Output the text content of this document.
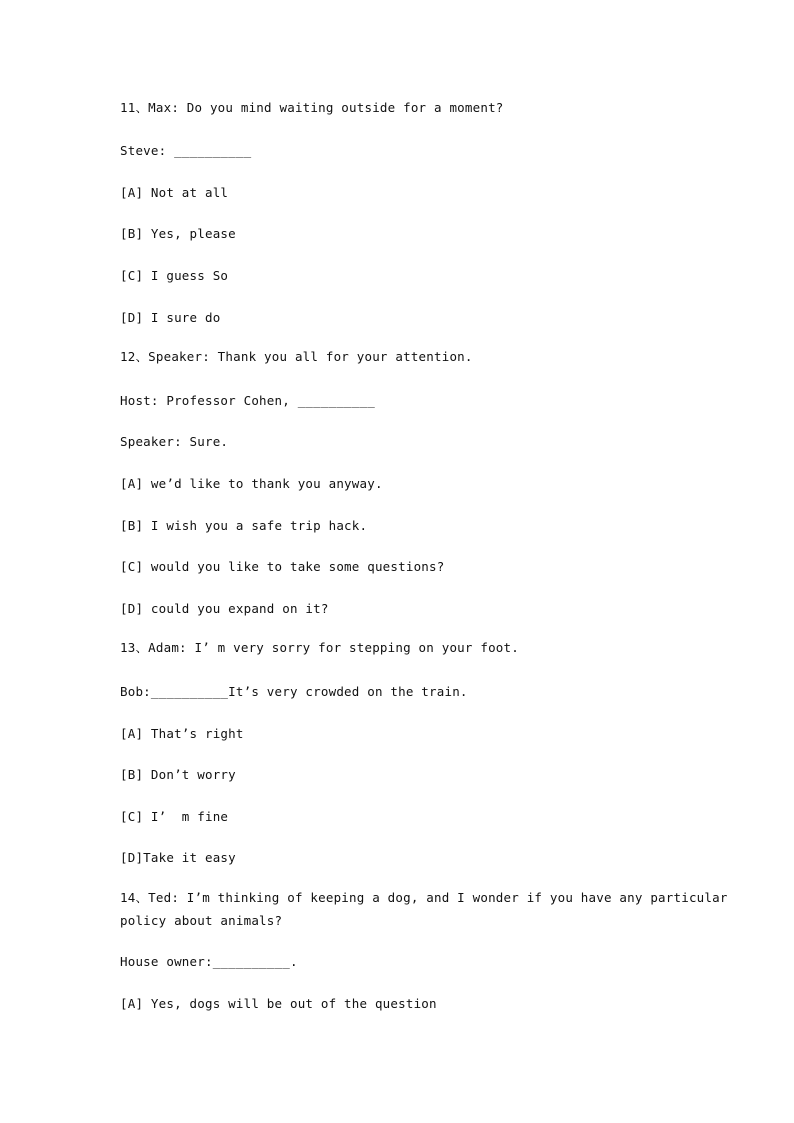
11、Max: Do you mind waiting outside for a moment?
Steve: __________
[A] Not at all
[B] Yes, please
[C] I guess So
[D] I sure do
12、Speaker: Thank you all for your attention.
Host: Professor Cohen, __________
Speaker: Sure.
[A] we’d like to thank you anyway.
[B] I wish you a safe trip hack.
[C] would you like to take some questions?
[D] could you expand on it?
13、Adam: I’ m very sorry for stepping on your foot.
Bob:__________It’s very crowded on the train.
[A] That’s right
[B] Don’t worry
[C] I’  m fine
[D]Take it easy
14、Ted: I’m thinking of keeping a dog, and I wonder if you have any particular
policy about animals?
House owner:__________.
[A] Yes, dogs will be out of the question
